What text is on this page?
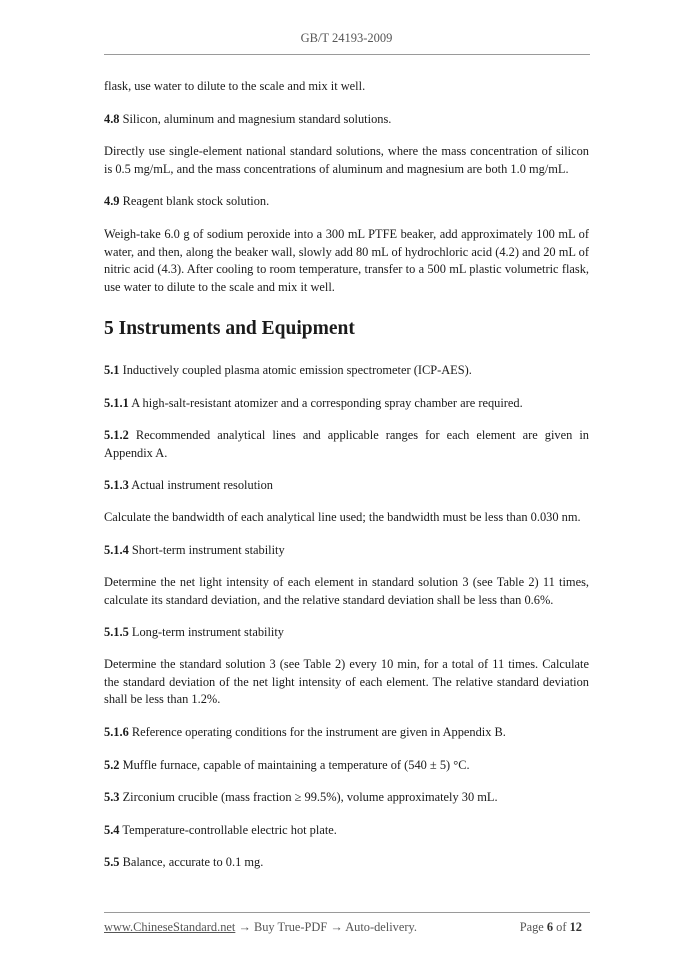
GB/T 24193-2009

flask, use water to dilute to the scale and mix it well.

4.8 Silicon, aluminum and magnesium standard solutions.

Directly use single-element national standard solutions, where the mass concentration of silicon is 0.5 mg/mL, and the mass concentrations of aluminum and magnesium are both 1.0 mg/mL.

4.9 Reagent blank stock solution.

Weigh-take 6.0 g of sodium peroxide into a 300 mL PTFE beaker, add approximately 100 mL of water, and then, along the beaker wall, slowly add 80 mL of hydrochloric acid (4.2) and 20 mL of nitric acid (4.3). After cooling to room temperature, transfer to a 500 mL plastic volumetric flask, use water to dilute to the scale and mix it well.

5 Instruments and Equipment

5.1 Inductively coupled plasma atomic emission spectrometer (ICP-AES).

5.1.1 A high-salt-resistant atomizer and a corresponding spray chamber are required.

5.1.2 Recommended analytical lines and applicable ranges for each element are given in Appendix A.

5.1.3 Actual instrument resolution

Calculate the bandwidth of each analytical line used; the bandwidth must be less than 0.030 nm.

5.1.4 Short-term instrument stability

Determine the net light intensity of each element in standard solution 3 (see Table 2) 11 times, calculate its standard deviation, and the relative standard deviation shall be less than 0.6%.

5.1.5 Long-term instrument stability

Determine the standard solution 3 (see Table 2) every 10 min, for a total of 11 times. Calculate the standard deviation of the net light intensity of each element. The relative standard deviation shall be less than 1.2%.

5.1.6 Reference operating conditions for the instrument are given in Appendix B.

5.2 Muffle furnace, capable of maintaining a temperature of (540 ± 5) °C.

5.3 Zirconium crucible (mass fraction ≥ 99.5%), volume approximately 30 mL.

5.4 Temperature-controllable electric hot plate.

5.5 Balance, accurate to 0.1 mg.

www.ChineseStandard.net → Buy True-PDF → Auto-delivery.	Page 6 of 12
